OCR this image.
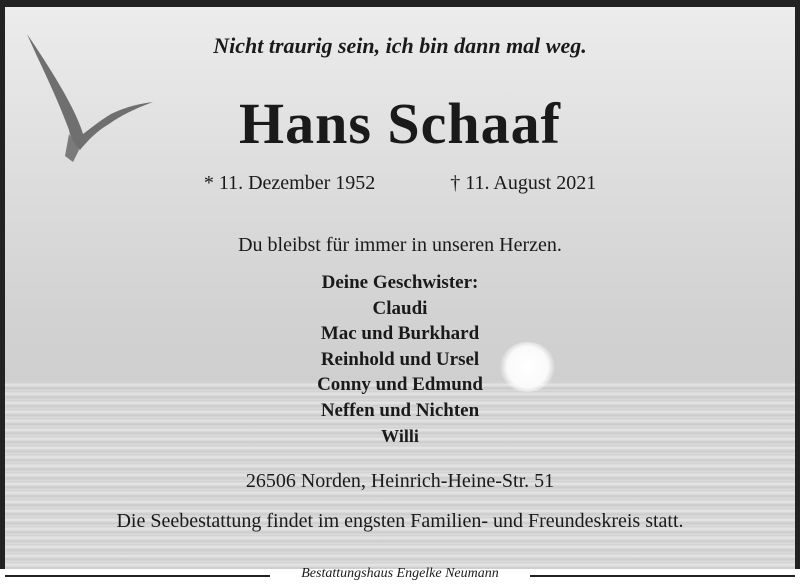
Nicht traurig sein, ich bin dann mal weg.
Hans Schaaf
* 11. Dezember 1952	† 11. August 2021
Du bleibst für immer in unseren Herzen.
Deine Geschwister:
Claudi
Mac und Burkhard
Reinhold und Ursel
Conny und Edmund
Neffen und Nichten
Willi
26506 Norden, Heinrich-Heine-Str. 51
Die Seebestattung findet im engsten Familien- und Freundeskreis statt.
Bestattungshaus Engelke Neumann
